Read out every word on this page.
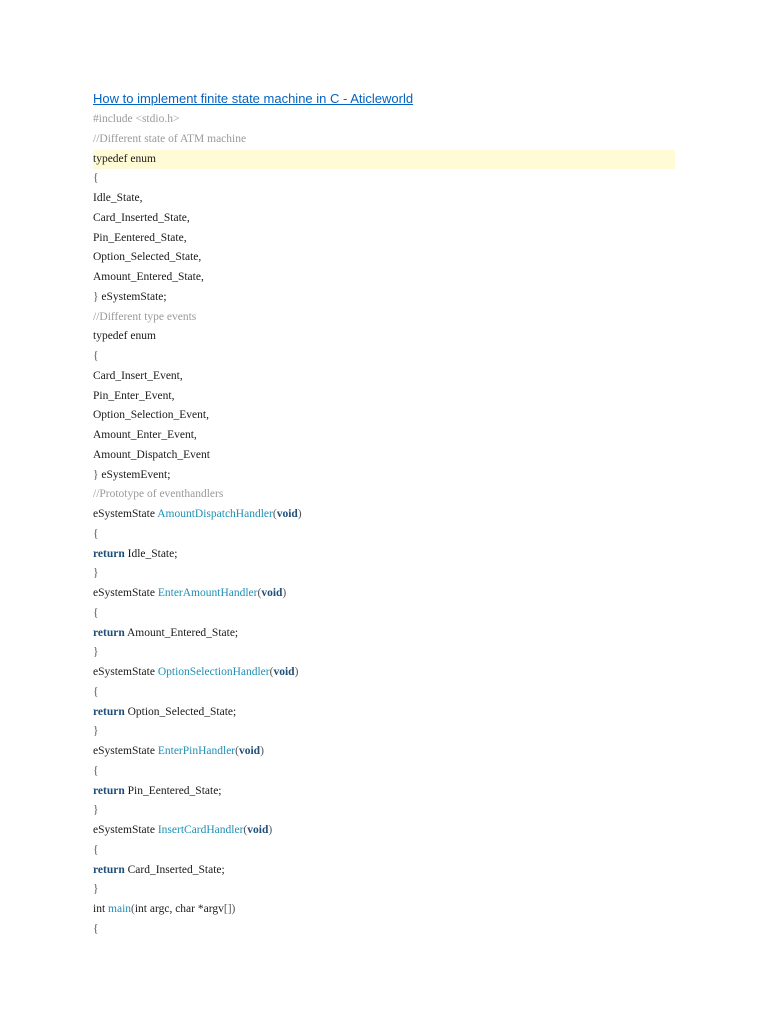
How to implement finite state machine in C - Aticleworld
#include <stdio.h>
//Different state of ATM machine
typedef enum
{
Idle_State,
Card_Inserted_State,
Pin_Eentered_State,
Option_Selected_State,
Amount_Entered_State,
} eSystemState;
//Different type events
typedef enum
{
Card_Insert_Event,
Pin_Enter_Event,
Option_Selection_Event,
Amount_Enter_Event,
Amount_Dispatch_Event
} eSystemEvent;
//Prototype of eventhandlers
eSystemState AmountDispatchHandler(void)
{
return Idle_State;
}
eSystemState EnterAmountHandler(void)
{
return Amount_Entered_State;
}
eSystemState OptionSelectionHandler(void)
{
return Option_Selected_State;
}
eSystemState EnterPinHandler(void)
{
return Pin_Eentered_State;
}
eSystemState InsertCardHandler(void)
{
return Card_Inserted_State;
}
int main(int argc, char *argv[])
{
